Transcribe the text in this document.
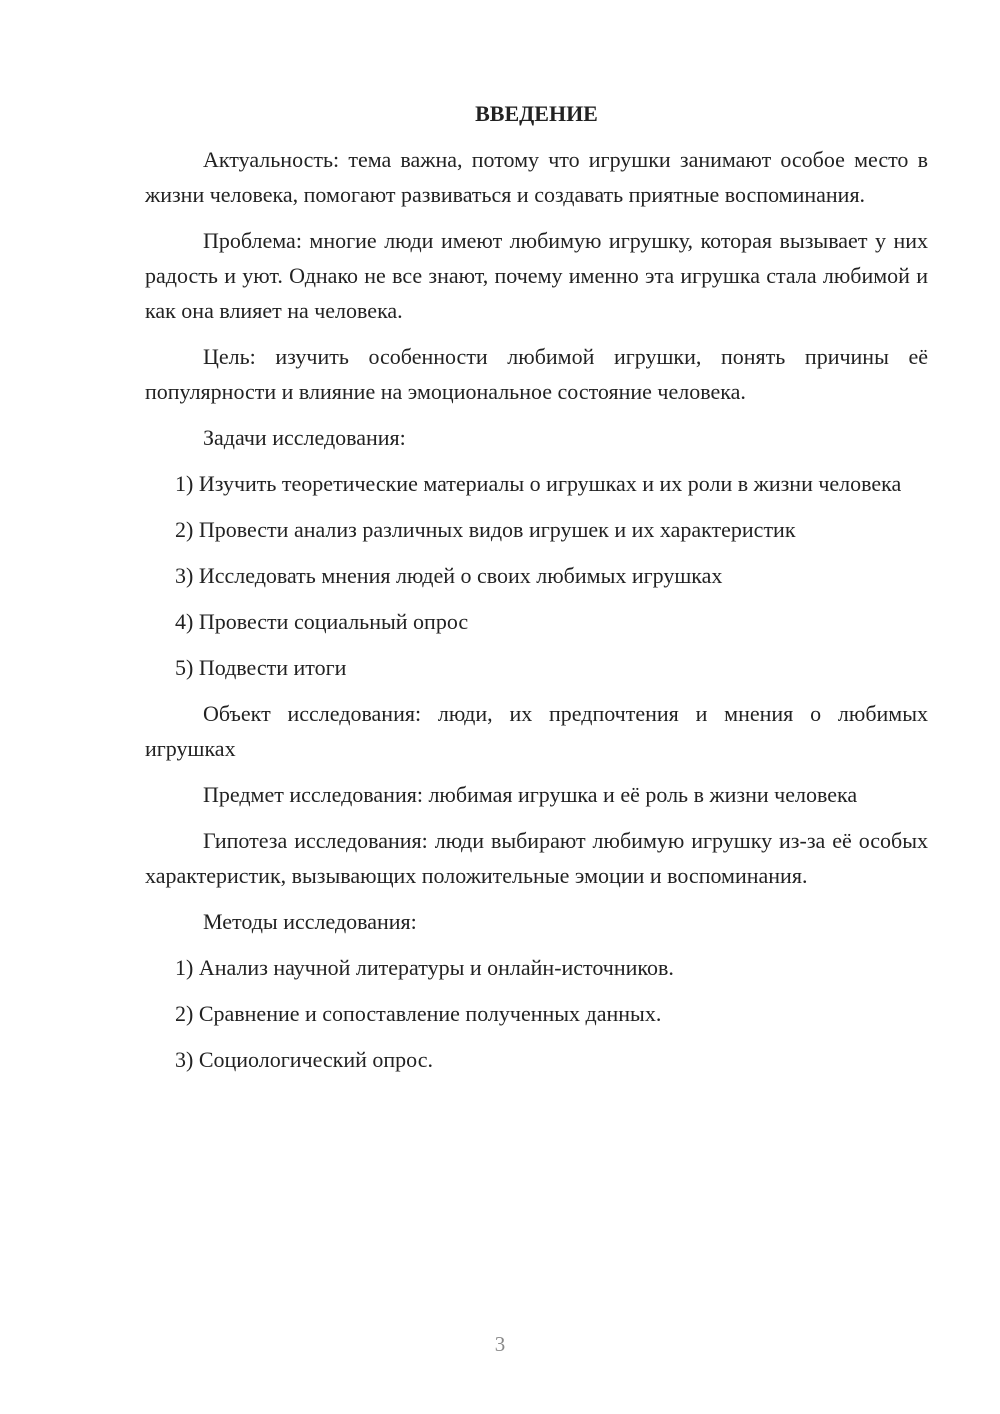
ВВЕДЕНИЕ

Актуальность: тема важна, потому что игрушки занимают особое место в жизни человека, помогают развиваться и создавать приятные воспоминания.

Проблема: многие люди имеют любимую игрушку, которая вызывает у них радость и уют. Однако не все знают, почему именно эта игрушка стала любимой и как она влияет на человека.

Цель: изучить особенности любимой игрушки, понять причины её популярности и влияние на эмоциональное состояние человека.

Задачи исследования:

1) Изучить теоретические материалы о игрушках и их роли в жизни человека

2) Провести анализ различных видов игрушек и их характеристик

3) Исследовать мнения людей о своих любимых игрушках

4) Провести социальный опрос

5) Подвести итоги

Объект исследования: люди, их предпочтения и мнения о любимых игрушках

Предмет исследования: любимая игрушка и её роль в жизни человека

Гипотеза исследования: люди выбирают любимую игрушку из-за её особых характеристик, вызывающих положительные эмоции и воспоминания.

Методы исследования:

1) Анализ научной литературы и онлайн-источников.

2) Сравнение и сопоставление полученных данных.

3) Социологический опрос.

3
